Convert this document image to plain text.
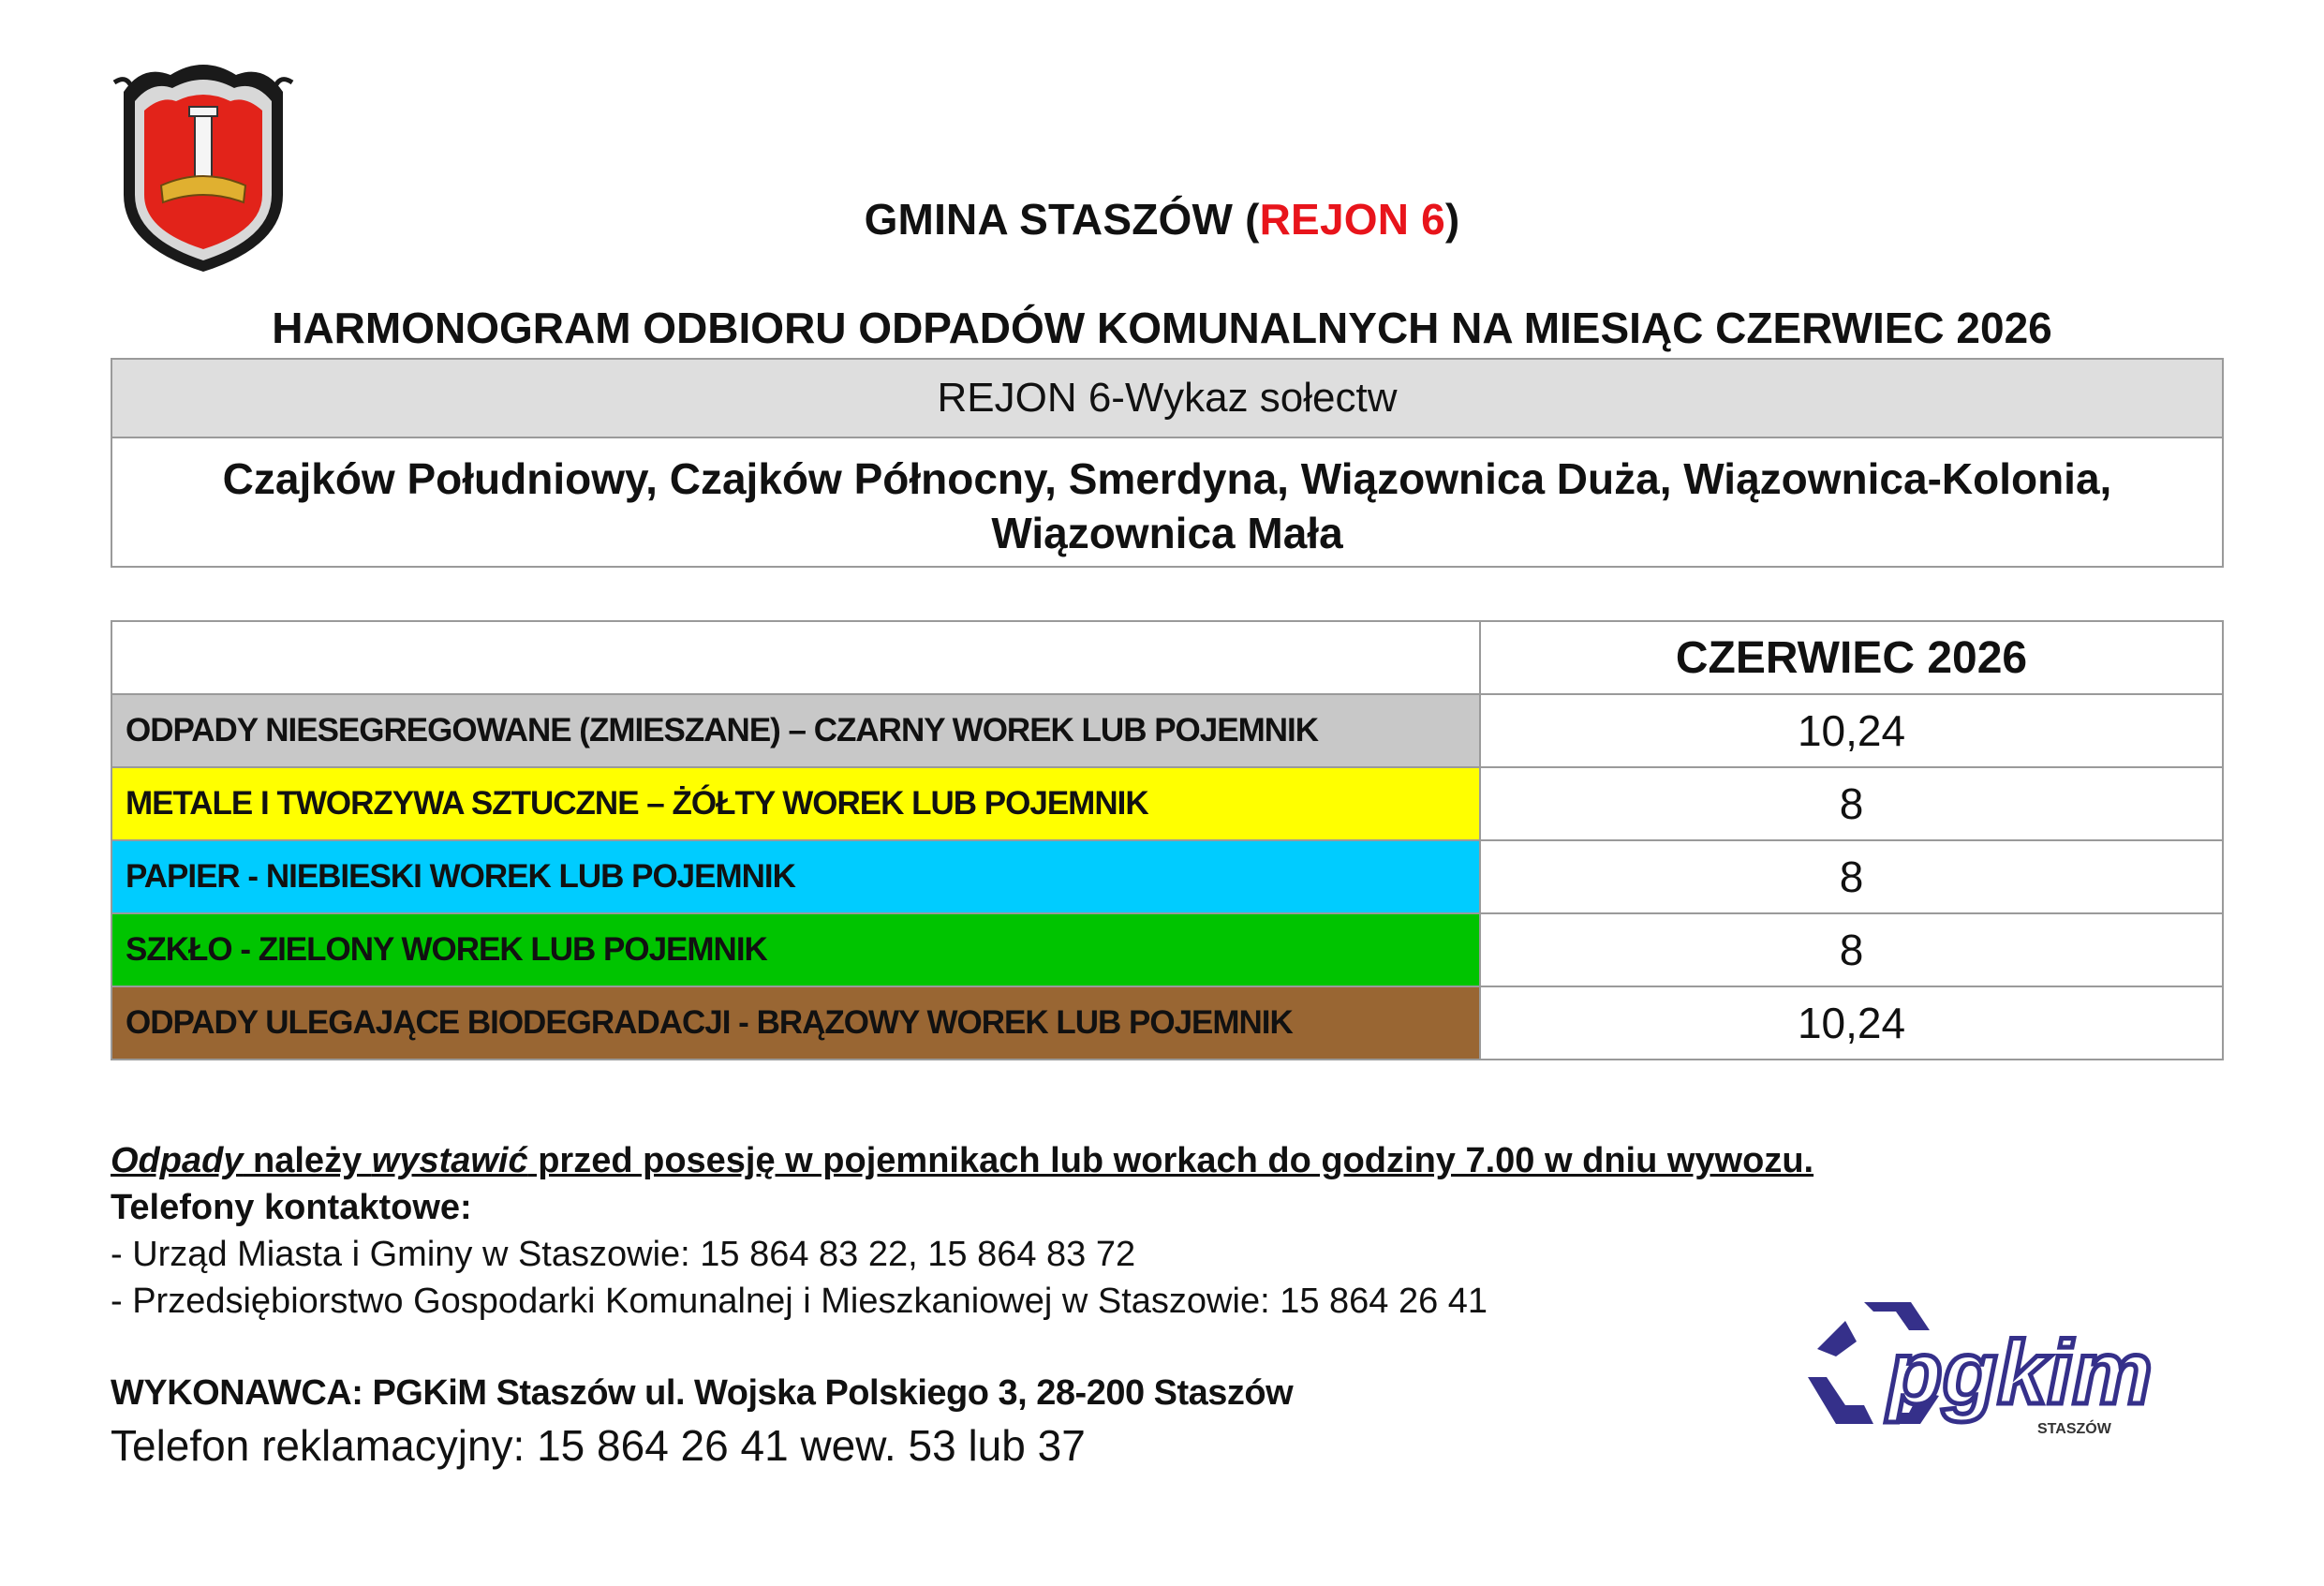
GMINA STASZÓW (REJON 6)
HARMONOGRAM ODBIORU ODPADÓW KOMUNALNYCH NA MIESIĄC CZERWIEC 2026
REJON 6-Wykaz sołectw
Czajków Południowy, Czajków Północny, Smerdyna, Wiązownica Duża, Wiązownica-Kolonia,
Wiązownica Mała
	CZERWIEC 2026
ODPADY NIESEGREGOWANE (ZMIESZANE) – CZARNY WOREK LUB POJEMNIK	10,24
METALE I TWORZYWA SZTUCZNE – ŻÓŁTY WOREK LUB POJEMNIK	8
PAPIER - NIEBIESKI WOREK LUB POJEMNIK	8
SZKŁO - ZIELONY WOREK LUB POJEMNIK	8
ODPADY ULEGAJĄCE BIODEGRADACJI - BRĄZOWY WOREK LUB POJEMNIK	10,24
Odpady należy wystawić przed posesję w pojemnikach lub workach do godziny 7.00 w dniu wywozu.
Telefony kontaktowe:
- Urząd Miasta i Gminy w Staszowie: 15 864 83 22, 15 864 83 72
- Przedsiębiorstwo Gospodarki Komunalnej i Mieszkaniowej w Staszowie: 15 864 26 41
WYKONAWCA: PGKiM Staszów ul. Wojska Polskiego 3, 28-200 Staszów
Telefon reklamacyjny: 15 864 26 41 wew. 53 lub 37
pgkim
STASZÓW
